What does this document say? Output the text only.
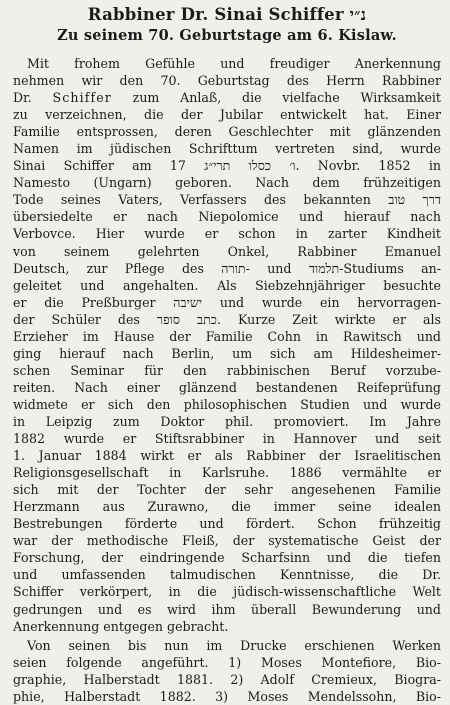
Rabbiner Dr. Sinai Schiffer נ״י
Zu seinem 70. Geburtstage am 6. Kislaw.
Mit frohem Gefühle und freudiger Anerkennung
nehmen wir den 70. Geburtstag des Herrn Rabbiner
Dr. Schiffer zum Anlaß, die vielfache Wirksamkeit
zu verzeichnen, die der Jubilar entwickelt hat. Einer
Familie entsprossen, deren Geschlechter mit glänzenden
Namen im jüdischen Schrifttum vertreten sind, wurde
Sinai Schiffer am ו׳ כסלו תרי״ג 17. Novbr. 1852 in
Namesto (Ungarn) geboren. Nach dem frühzeitigen
Tode seines Vaters, Verfassers des bekannten דרך טוב
übersiedelte er nach Niepolomice und hierauf nach
Verbovce. Hier wurde er schon in zarter Kindheit
von seinem gelehrten Onkel, Rabbiner Emanuel
Deutsch, zur Pflege des תורה- und תלמוד-Studiums an-
geleitet und angehalten. Als Siebzehnjähriger besuchte
er die Preßburger ישיבה und wurde ein hervorragen-
der Schüler des כתב סופר. Kurze Zeit wirkte er als
Erzieher im Hause der Familie Cohn in Rawitsch und
ging hierauf nach Berlin, um sich am Hildesheimer-
schen Seminar für den rabbinischen Beruf vorzube-
reiten. Nach einer glänzend bestandenen Reifeprüfung
widmete er sich den philosophischen Studien und wurde
in Leipzig zum Doktor phil. promoviert. Im Jahre
1882 wurde er Stiftsrabbiner in Hannover und seit
1. Januar 1884 wirkt er als Rabbiner der Israelitischen
Religionsgesellschaft in Karlsruhe. 1886 vermählte er
sich mit der Tochter der sehr angesehenen Familie
Herzmann aus Zurawno, die immer seine idealen
Bestrebungen förderte und fördert. Schon frühzeitig
war der methodische Fleiß, der systematische Geist der
Forschung, der eindringende Scharfsinn und die tiefen
und umfassenden talmudischen Kenntnisse, die Dr.
Schiffer verkörpert, in die jüdisch-wissenschaftliche Welt
gedrungen und es wird ihm überall Bewunderung und
Anerkennung entgegen gebracht.
Von seinen bis nun im Drucke erschienen Werken
seien folgende angeführt. 1) Moses Montefiore, Bio-
graphie, Halberstadt 1881. 2) Adolf Cremieux, Biogra-
phie, Halberstadt 1882. 3) Moses Mendelssohn, Bio-
